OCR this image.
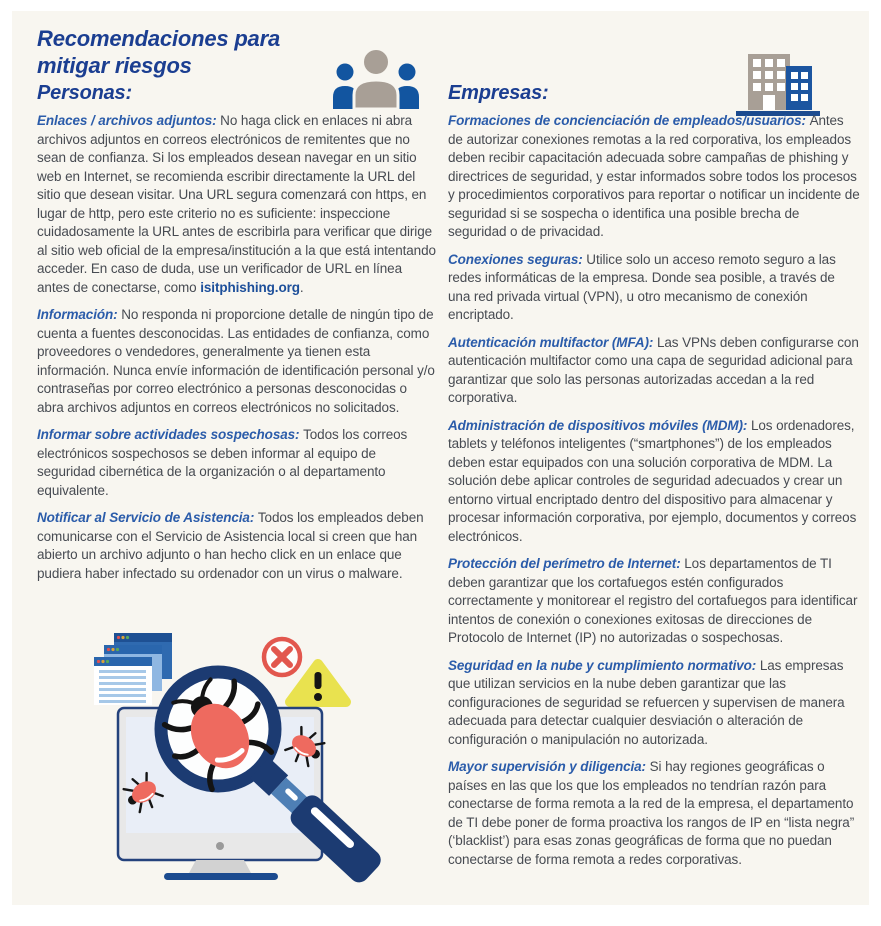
Recomendaciones para
mitigar riesgos
Personas:	Empresas:

Enlaces / archivos adjuntos: No haga click en enlaces ni abra archivos adjuntos en correos electrónicos de remitentes que no sean de confianza. Si los empleados desean navegar en un sitio web en Internet, se recomienda escribir directamente la URL del sitio que desean visitar. Una URL segura comenzará con https, en lugar de http, pero este criterio no es suficiente: inspeccione cuidadosamente la URL antes de escribirla para verificar que dirige al sitio web oficial de la empresa/institución a la que está intentando acceder. En caso de duda, use un verificador de URL en línea antes de conectarse, como isitphishing.org.

Información: No responda ni proporcione detalle de ningún tipo de cuenta a fuentes desconocidas. Las entidades de confianza, como proveedores o vendedores, generalmente ya tienen esta información. Nunca envíe información de identificación personal y/o contraseñas por correo electrónico a personas desconocidas o abra archivos adjuntos en correos electrónicos no solicitados.

Informar sobre actividades sospechosas: Todos los correos electrónicos sospechosos se deben informar al equipo de seguridad cibernética de la organización o al departamento equivalente.

Notificar al Servicio de Asistencia: Todos los empleados deben comunicarse con el Servicio de Asistencia local si creen que han abierto un archivo adjunto o han hecho click en un enlace que pudiera haber infectado su ordenador con un virus o malware.

Formaciones de concienciación de empleados/usuarios: Antes de autorizar conexiones remotas a la red corporativa, los empleados deben recibir capacitación adecuada sobre campañas de phishing y directrices de seguridad, y estar informados sobre todos los procesos y procedimientos corporativos para reportar o notificar un incidente de seguridad si se sospecha o identifica una posible brecha de seguridad o de privacidad.

Conexiones seguras: Utilice solo un acceso remoto seguro a las redes informáticas de la empresa. Donde sea posible, a través de una red privada virtual (VPN), u otro mecanismo de conexión encriptado.

Autenticación multifactor (MFA): Las VPNs deben configurarse con autenticación multifactor como una capa de seguridad adicional para garantizar que solo las personas autorizadas accedan a la red corporativa.

Administración de dispositivos móviles (MDM): Los ordenadores, tablets y teléfonos inteligentes (“smartphones”) de los empleados deben estar equipados con una solución corporativa de MDM. La solución debe aplicar controles de seguridad adecuados y crear un entorno virtual encriptado dentro del dispositivo para almacenar y procesar información corporativa, por ejemplo, documentos y correos electrónicos.

Protección del perímetro de Internet: Los departamentos de TI deben garantizar que los cortafuegos estén configurados correctamente y monitorear el registro del cortafuegos para identificar intentos de conexión o conexiones exitosas de direcciones de Protocolo de Internet (IP) no autorizadas o sospechosas.

Seguridad en la nube y cumplimiento normativo: Las empresas que utilizan servicios en la nube deben garantizar que las configuraciones de seguridad se refuercen y supervisen de manera adecuada para detectar cualquier desviación o alteración de configuración o manipulación no autorizada.

Mayor supervisión y diligencia: Si hay regiones geográficas o países en las que los que los empleados no tendrían razón para conectarse de forma remota a la red de la empresa, el departamento de TI debe poner de forma proactiva los rangos de IP en “lista negra” (‘blacklist’) para esas zonas geográficas de forma que no puedan conectarse de forma remota a redes corporativas.
